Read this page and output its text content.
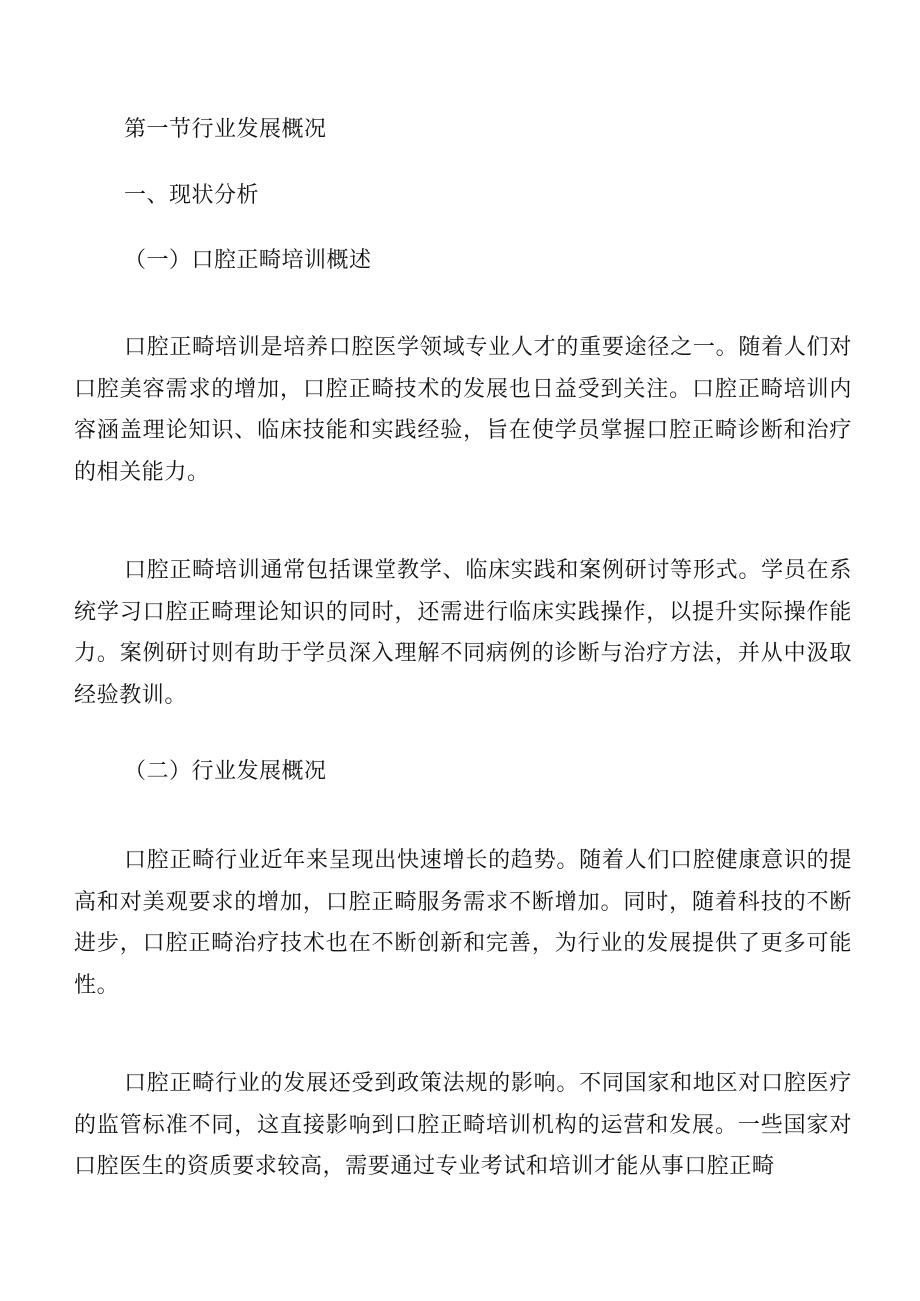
第一节行业发展概况
一、现状分析
（一）口腔正畸培训概述

口腔正畸培训是培养口腔医学领域专业人才的重要途径之一。随着人们对口腔美容需求的增加，口腔正畸技术的发展也日益受到关注。口腔正畸培训内容涵盖理论知识、临床技能和实践经验，旨在使学员掌握口腔正畸诊断和治疗的相关能力。

口腔正畸培训通常包括课堂教学、临床实践和案例研讨等形式。学员在系统学习口腔正畸理论知识的同时，还需进行临床实践操作，以提升实际操作能力。案例研讨则有助于学员深入理解不同病例的诊断与治疗方法，并从中汲取经验教训。

（二）行业发展概况

口腔正畸行业近年来呈现出快速增长的趋势。随着人们口腔健康意识的提高和对美观要求的增加，口腔正畸服务需求不断增加。同时，随着科技的不断进步，口腔正畸治疗技术也在不断创新和完善，为行业的发展提供了更多可能性。

口腔正畸行业的发展还受到政策法规的影响。不同国家和地区对口腔医疗的监管标准不同，这直接影响到口腔正畸培训机构的运营和发展。一些国家对口腔医生的资质要求较高，需要通过专业考试和培训才能从事口腔正畸
